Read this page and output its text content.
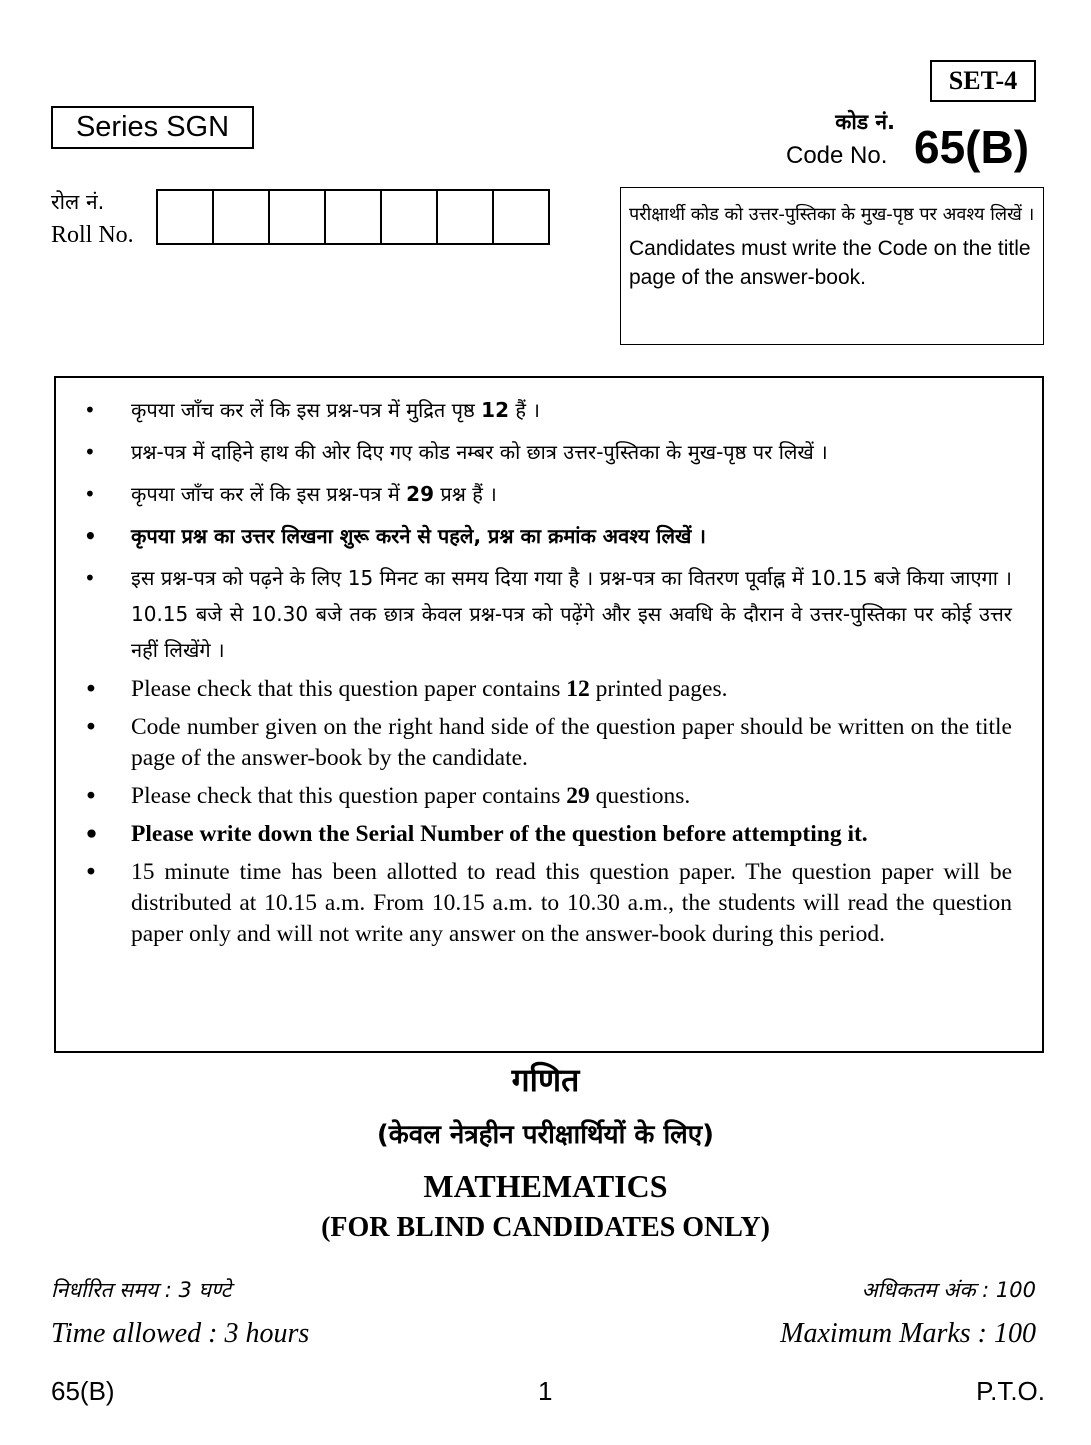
SET-4
Series SGN	कोड नं.
Code No. 65(B)
रोल नं.
Roll No.
परीक्षार्थी कोड को उत्तर-पुस्तिका के मुख-पृष्ठ पर अवश्य लिखें ।
Candidates must write the Code on the title page of the answer-book.
• कृपया जाँच कर लें कि इस प्रश्न-पत्र में मुद्रित पृष्ठ 12 हैं ।
• प्रश्न-पत्र में दाहिने हाथ की ओर दिए गए कोड नम्बर को छात्र उत्तर-पुस्तिका के मुख-पृष्ठ पर लिखें ।
• कृपया जाँच कर लें कि इस प्रश्न-पत्र में 29 प्रश्न हैं ।
• कृपया प्रश्न का उत्तर लिखना शुरू करने से पहले, प्रश्न का क्रमांक अवश्य लिखें ।
• इस प्रश्न-पत्र को पढ़ने के लिए 15 मिनट का समय दिया गया है । प्रश्न-पत्र का वितरण पूर्वाह्न में 10.15 बजे किया जाएगा । 10.15 बजे से 10.30 बजे तक छात्र केवल प्रश्न-पत्र को पढ़ेंगे और इस अवधि के दौरान वे उत्तर-पुस्तिका पर कोई उत्तर नहीं लिखेंगे ।
• Please check that this question paper contains 12 printed pages.
• Code number given on the right hand side of the question paper should be written on the title page of the answer-book by the candidate.
• Please check that this question paper contains 29 questions.
• Please write down the Serial Number of the question before attempting it.
• 15 minute time has been allotted to read this question paper. The question paper will be distributed at 10.15 a.m. From 10.15 a.m. to 10.30 a.m., the students will read the question paper only and will not write any answer on the answer-book during this period.
गणित
(केवल नेत्रहीन परीक्षार्थियों के लिए)
MATHEMATICS
(FOR BLIND CANDIDATES ONLY)
निर्धारित समय : 3 घण्टे
Time allowed : 3 hours
अधिकतम अंक : 100
Maximum Marks : 100
65(B)	1	P.T.O.
